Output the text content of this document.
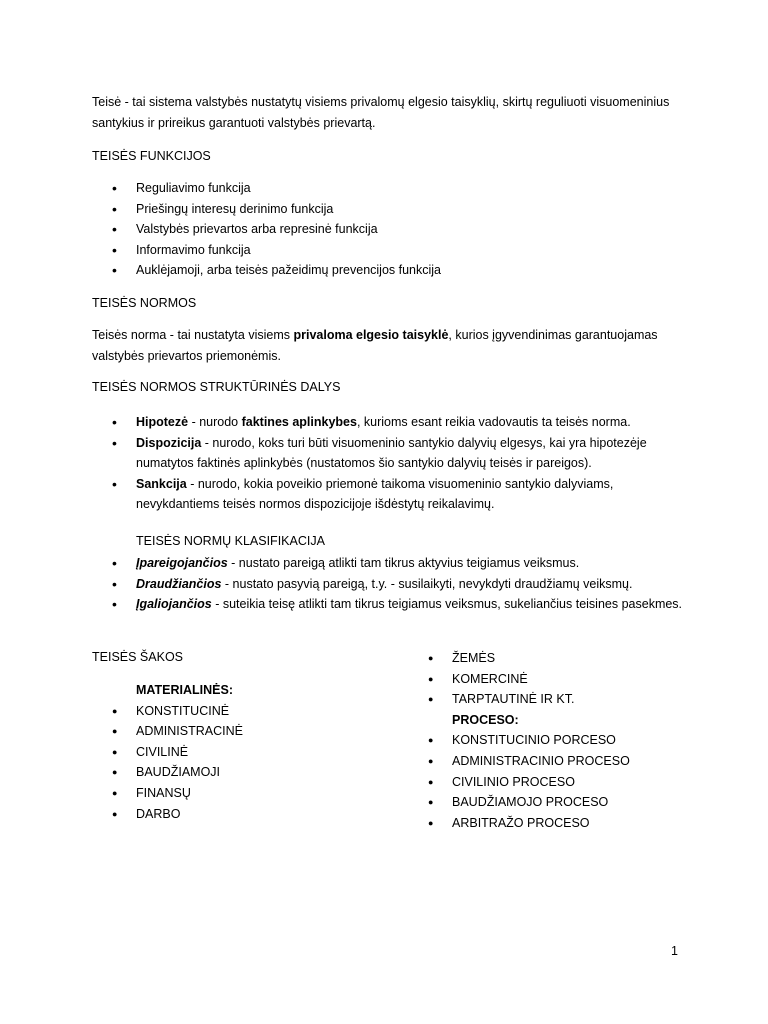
Teisė - tai sistema valstybės nustatytų visiems privalomų elgesio taisyklių, skirtų reguliuoti visuomeninius santykius ir prireikus garantuoti valstybės prievartą.
TEISĖS FUNKCIJOS
• Reguliavimo funkcija
• Priešingų interesų derinimo funkcija
• Valstybės prievartos arba represinė funkcija
• Informavimo funkcija
• Auklėjamoji, arba teisės pažeidimų prevencijos funkcija
TEISĖS NORMOS
Teisės norma - tai nustatyta visiems privaloma elgesio taisyklė, kurios įgyvendinimas garantuojamas valstybės prievartos priemonėmis.
TEISĖS NORMOS STRUKTŪRINĖS DALYS
• Hipotezė - nurodo faktines aplinkybes, kurioms esant reikia vadovautis ta teisės norma.
• Dispozicija - nurodo, koks turi būti visuomeninio santykio dalyvių elgesys, kai yra hipotezėje numatytos faktinės aplinkybės (nustatomos šio santykio dalyvių teisės ir pareigos).
• Sankcija - nurodo, kokia poveikio priemonė taikoma visuomeninio santykio dalyviams, nevykdantiems teisės normos dispozicijoje išdėstytų reikalavimų.
TEISĖS NORMŲ KLASIFIKACIJA
• Įpareigojančios - nustato pareigą atlikti tam tikrus aktyvius teigiamus veiksmus.
• Draudžiančios - nustato pasyvią pareigą, t.y. - susilaikyti, nevykdyti draudžiamų veiksmų.
• Įgaliojančios - suteikia teisę atlikti tam tikrus teigiamus veiksmus, sukeliančius teisines pasekmes.
TEISĖS ŠAKOS
MATERIALINĖS:
● KONSTITUCINĖ
● ADMINISTRACINĖ
● CIVILINĖ
● BAUDŽIAMOJI
● FINANSŲ
● DARBO
● ŽEMĖS
● KOMERCINĖ
● TARPTAUTINĖ IR KT.
PROCESO:
● KONSTITUCINIO PORCESO
● ADMINISTRACINIO PROCESO
● CIVILINIO PROCESO
● BAUDŽIAMOJO PROCESO
● ARBITRAŽO PROCESO
1
